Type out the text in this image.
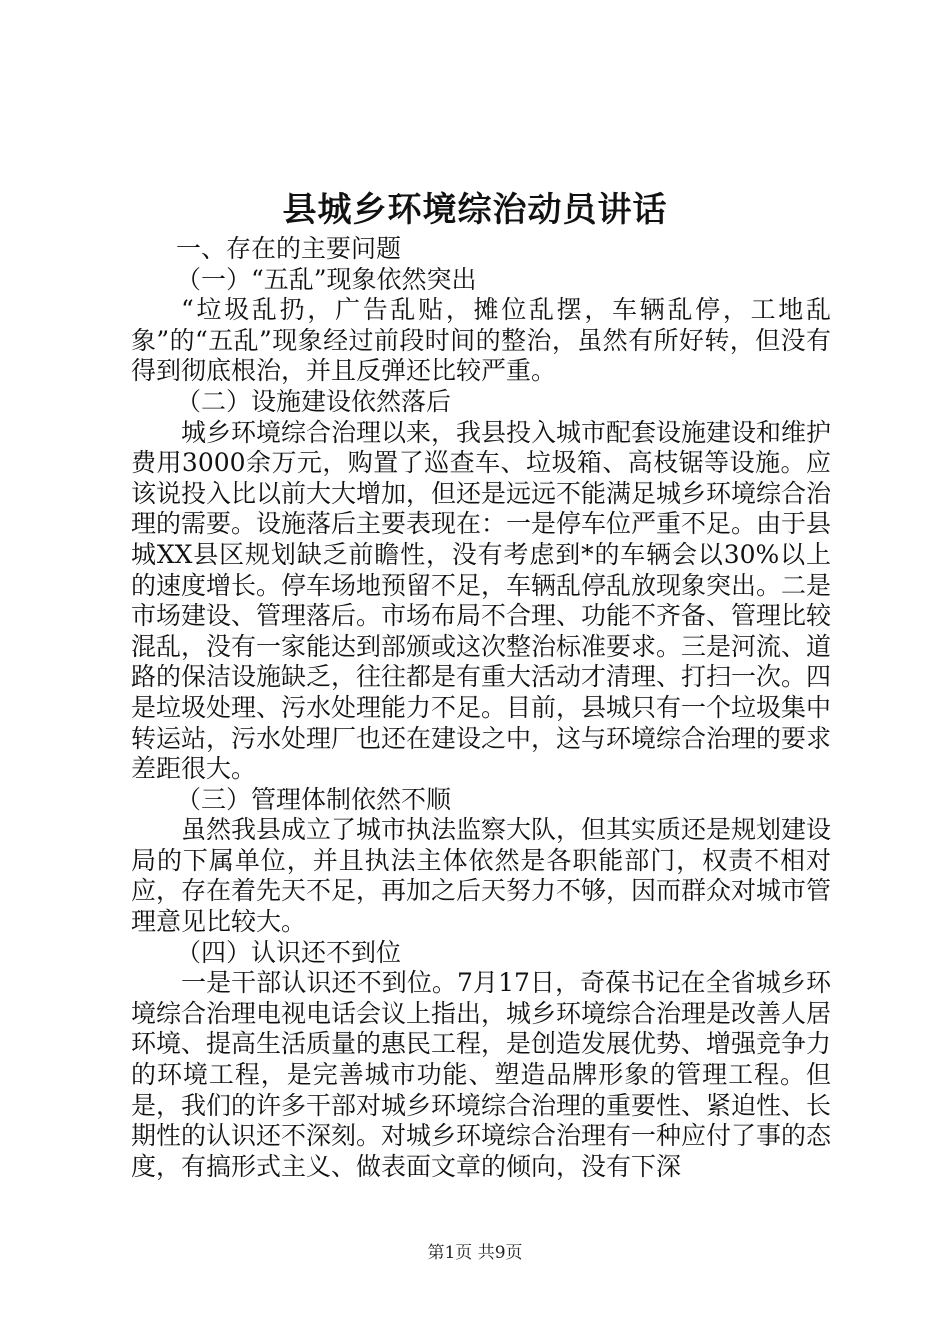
县城乡环境综治动员讲话

一、存在的主要问题

（一）“五乱”现象依然突出

“垃圾乱扔，广告乱贴，摊位乱摆，车辆乱停，工地乱象”的“五乱”现象经过前段时间的整治，虽然有所好转，但没有得到彻底根治，并且反弹还比较严重。

（二）设施建设依然落后

城乡环境综合治理以来，我县投入城市配套设施建设和维护费用3000余万元，购置了巡查车、垃圾箱、高枝锯等设施。应该说投入比以前大大增加，但还是远远不能满足城乡环境综合治理的需要。设施落后主要表现在：一是停车位严重不足。由于县城XX县区规划缺乏前瞻性，没有考虑到*的车辆会以30%以上的速度增长。停车场地预留不足，车辆乱停乱放现象突出。二是市场建设、管理落后。市场布局不合理、功能不齐备、管理比较混乱，没有一家能达到部颁或这次整治标准要求。三是河流、道路的保洁设施缺乏，往往都是有重大活动才清理、打扫一次。四是垃圾处理、污水处理能力不足。目前，县城只有一个垃圾集中转运站，污水处理厂也还在建设之中，这与环境综合治理的要求差距很大。

（三）管理体制依然不顺

虽然我县成立了城市执法监察大队，但其实质还是规划建设局的下属单位，并且执法主体依然是各职能部门，权责不相对应，存在着先天不足，再加之后天努力不够，因而群众对城市管理意见比较大。

（四）认识还不到位

一是干部认识还不到位。7月17日，奇葆书记在全省城乡环境综合治理电视电话会议上指出，城乡环境综合治理是改善人居环境、提高生活质量的惠民工程，是创造发展优势、增强竞争力的环境工程，是完善城市功能、塑造品牌形象的管理工程。但是，我们的许多干部对城乡环境综合治理的重要性、紧迫性、长期性的认识还不深刻。对城乡环境综合治理有一种应付了事的态度，有搞形式主义、做表面文章的倾向，没有下深

第1页 共9页
